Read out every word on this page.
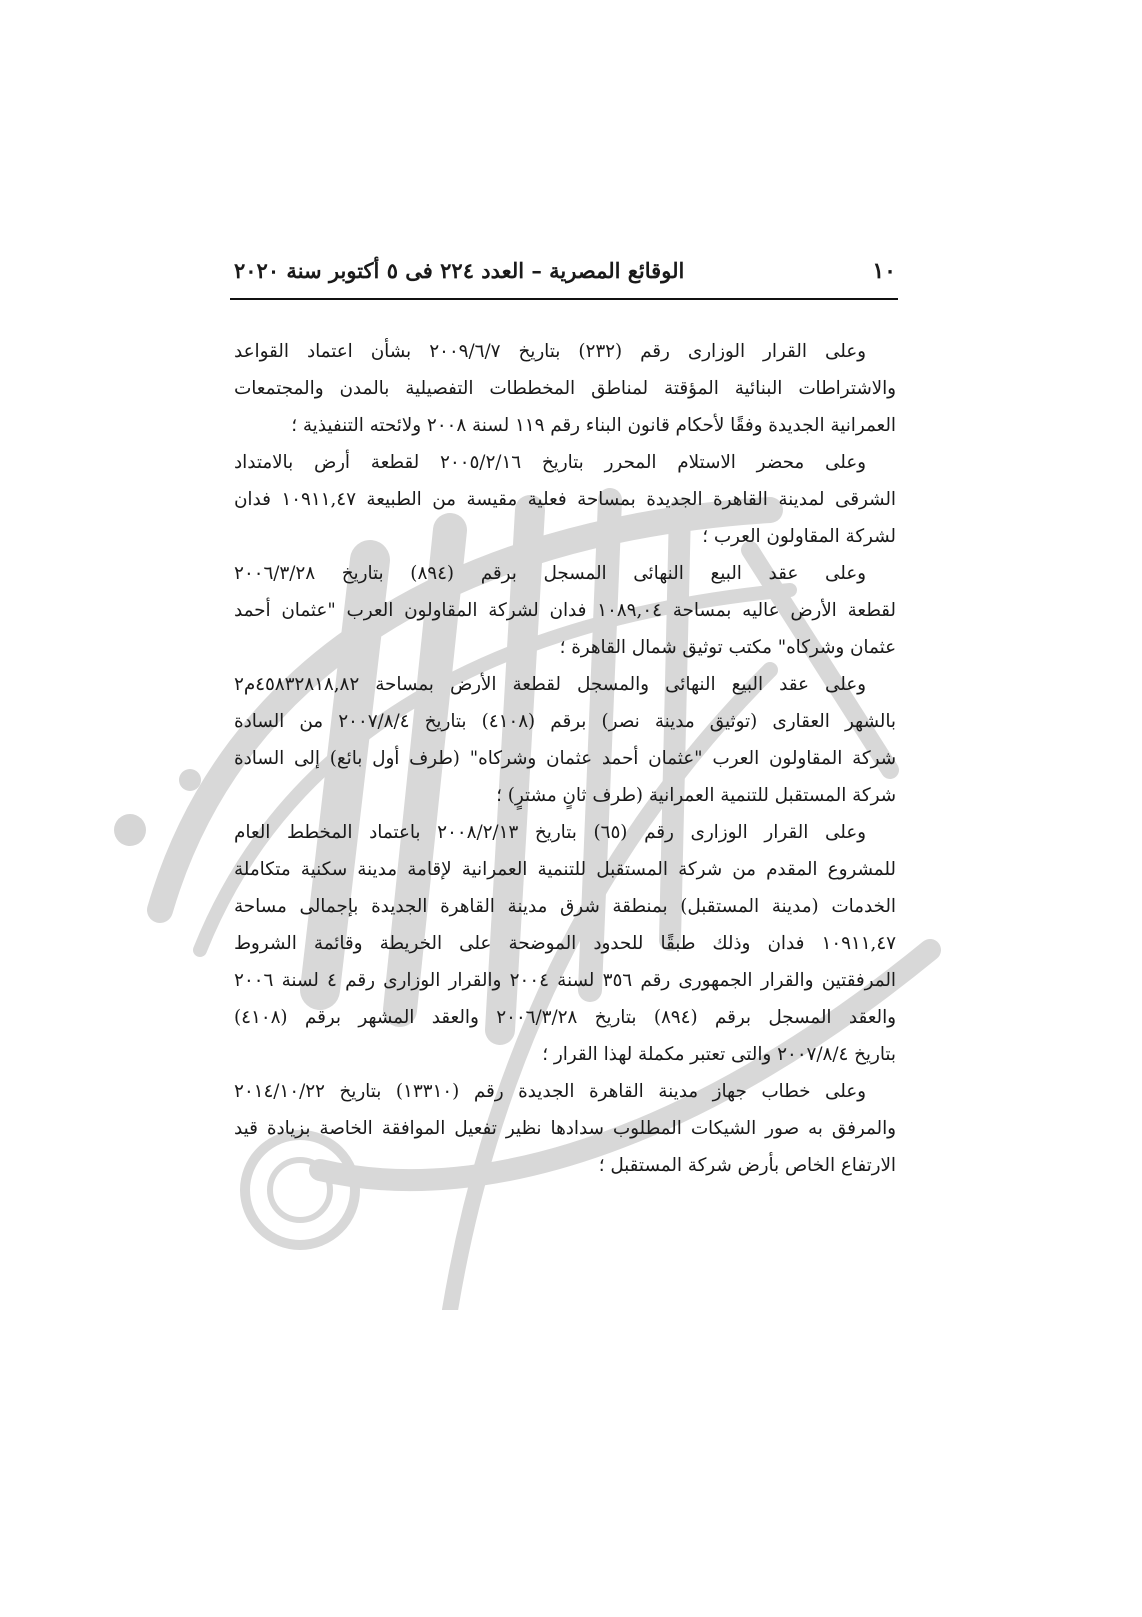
١٠
الوقائع المصرية – العدد ٢٢٤ فى ٥ أكتوبر سنة ٢٠٢٠
وعلى القرار الوزارى رقم (٢٣٢) بتاريخ ٢٠٠٩/٦/٧ بشأن اعتماد القواعد
والاشتراطات البنائية المؤقتة لمناطق المخططات التفصيلية بالمدن والمجتمعات
العمرانية الجديدة وفقًا لأحكام قانون البناء رقم ١١٩ لسنة ٢٠٠٨ ولائحته التنفيذية ؛
وعلى محضر الاستلام المحرر بتاريخ ٢٠٠٥/٢/١٦ لقطعة أرض بالامتداد
الشرقى لمدينة القاهرة الجديدة بمساحة فعلية مقيسة من الطبيعة ١٠٩١١,٤٧ فدان
لشركة المقاولون العرب ؛
وعلى عقد البيع النهائى المسجل برقم (٨٩٤) بتاريخ ٢٠٠٦/٣/٢٨
لقطعة الأرض عاليه بمساحة ١٠٨٩,٠٤ فدان لشركة المقاولون العرب "عثمان أحمد
عثمان وشركاه" مكتب توثيق شمال القاهرة ؛
وعلى عقد البيع النهائى والمسجل لقطعة الأرض بمساحة ٤٥٨٣٢٨١٨,٨٢م٢
بالشهر العقارى (توثيق مدينة نصر) برقم (٤١٠٨) بتاريخ ٢٠٠٧/٨/٤ من السادة
شركة المقاولون العرب "عثمان أحمد عثمان وشركاه" (طرف أول بائع) إلى السادة
شركة المستقبل للتنمية العمرانية (طرف ثانٍ مشترٍ) ؛
وعلى القرار الوزارى رقم (٦٥) بتاريخ ٢٠٠٨/٢/١٣ باعتماد المخطط العام
للمشروع المقدم من شركة المستقبل للتنمية العمرانية لإقامة مدينة سكنية متكاملة
الخدمات (مدينة المستقبل) بمنطقة شرق مدينة القاهرة الجديدة بإجمالى مساحة
١٠٩١١,٤٧ فدان وذلك طبقًا للحدود الموضحة على الخريطة وقائمة الشروط
المرفقتين والقرار الجمهورى رقم ٣٥٦ لسنة ٢٠٠٤ والقرار الوزارى رقم ٤ لسنة ٢٠٠٦
والعقد المسجل برقم (٨٩٤) بتاريخ ٢٠٠٦/٣/٢٨ والعقد المشهر برقم (٤١٠٨)
بتاريخ ٢٠٠٧/٨/٤ والتى تعتبر مكملة لهذا القرار ؛
وعلى خطاب جهاز مدينة القاهرة الجديدة رقم (١٣٣١٠) بتاريخ ٢٠١٤/١٠/٢٢
والمرفق به صور الشيكات المطلوب سدادها نظير تفعيل الموافقة الخاصة بزيادة قيد
الارتفاع الخاص بأرض شركة المستقبل ؛
